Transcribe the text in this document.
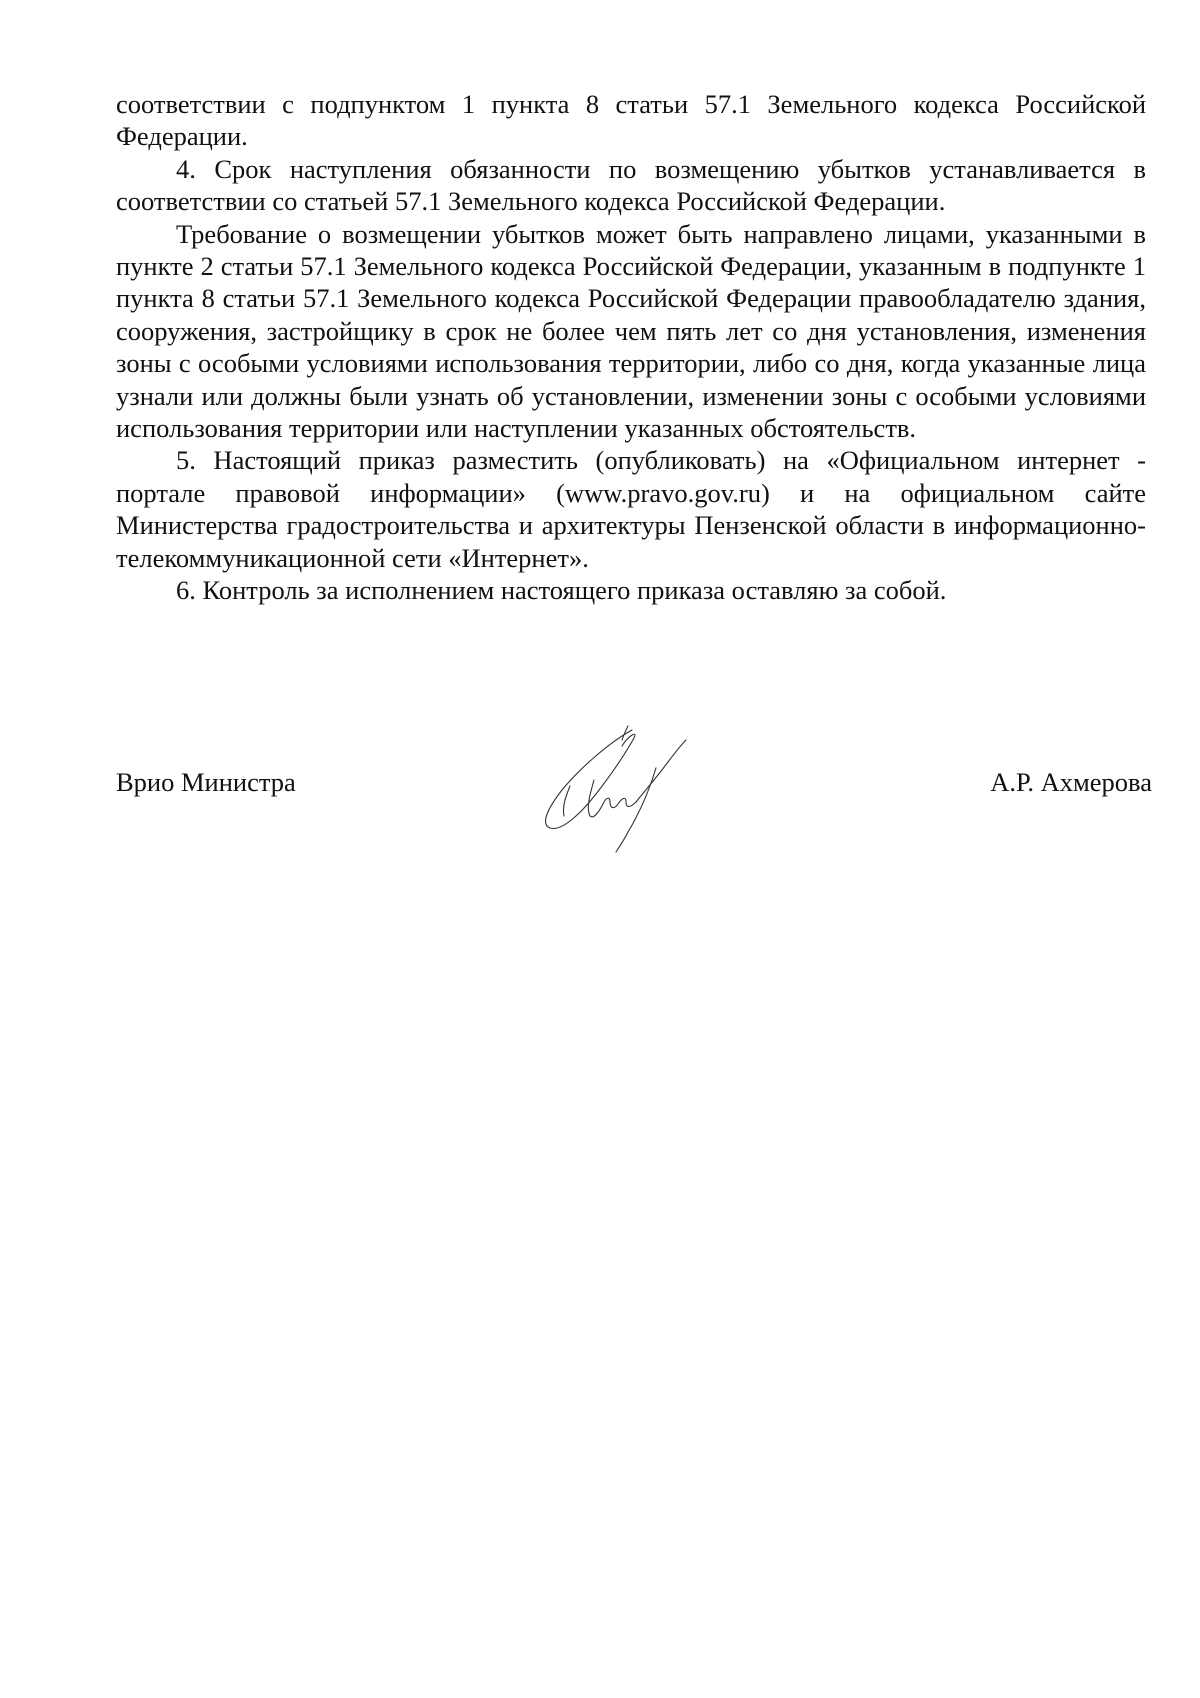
соответствии с подпунктом 1 пункта 8 статьи 57.1 Земельного кодекса Российской Федерации.

4. Срок наступления обязанности по возмещению убытков устанавливается в соответствии со статьей 57.1 Земельного кодекса Российской Федерации.

Требование о возмещении убытков может быть направлено лицами, указанными в пункте 2 статьи 57.1 Земельного кодекса Российской Федерации, указанным в подпункте 1 пункта 8 статьи 57.1 Земельного кодекса Российской Федерации правообладателю здания, сооружения, застройщику в срок не более чем пять лет со дня установления, изменения зоны с особыми условиями использования территории, либо со дня, когда указанные лица узнали или должны были узнать об установлении, изменении зоны с особыми условиями использования территории или наступлении указанных обстоятельств.

5. Настоящий приказ разместить (опубликовать) на «Официальном интернет - портале правовой информации» (www.pravo.gov.ru) и на официальном сайте Министерства градостроительства и архитектуры Пензенской области в информационно-телекоммуникационной сети «Интернет».

6. Контроль за исполнением настоящего приказа оставляю за собой.

Врио Министра	А.Р. Ахмерова
